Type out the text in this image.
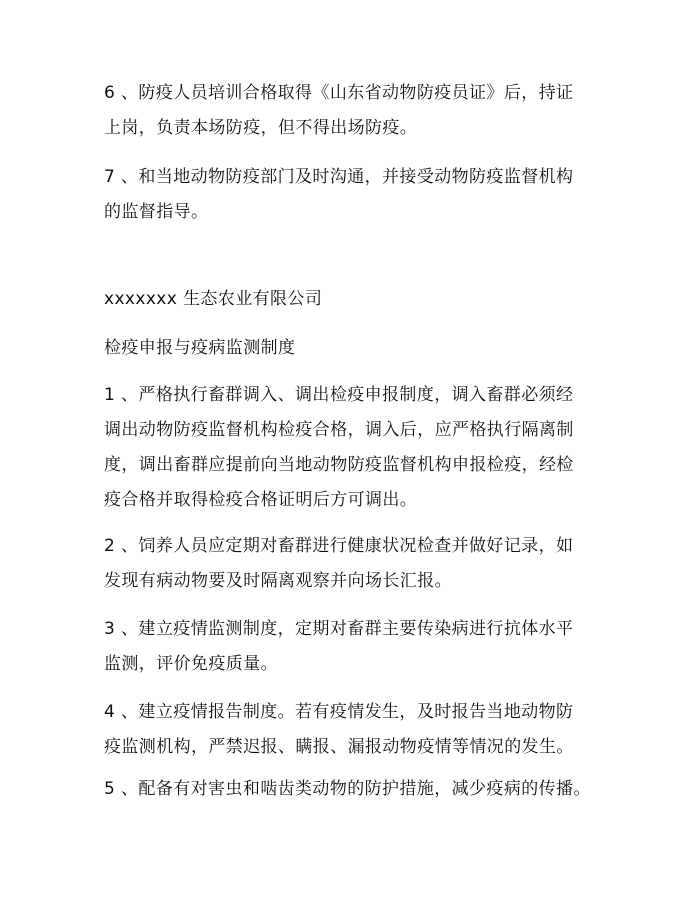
6 、防疫人员培训合格取得《山东省动物防疫员证》后，持证
上岗，负责本场防疫，但不得出场防疫。
7 、和当地动物防疫部门及时沟通，并接受动物防疫监督机构
的监督指导。
xxxxxxx 生态农业有限公司
检疫申报与疫病监测制度
1 、严格执行畜群调入、调出检疫申报制度，调入畜群必须经
调出动物防疫监督机构检疫合格，调入后，应严格执行隔离制
度，调出畜群应提前向当地动物防疫监督机构申报检疫，经检
疫合格并取得检疫合格证明后方可调出。
2 、饲养人员应定期对畜群进行健康状况检查并做好记录，如
发现有病动物要及时隔离观察并向场长汇报。
3 、建立疫情监测制度，定期对畜群主要传染病进行抗体水平
监测，评价免疫质量。
4 、建立疫情报告制度。若有疫情发生，及时报告当地动物防
疫监测机构，严禁迟报、瞒报、漏报动物疫情等情况的发生。
5 、配备有对害虫和啮齿类动物的防护措施，减少疫病的传播。
